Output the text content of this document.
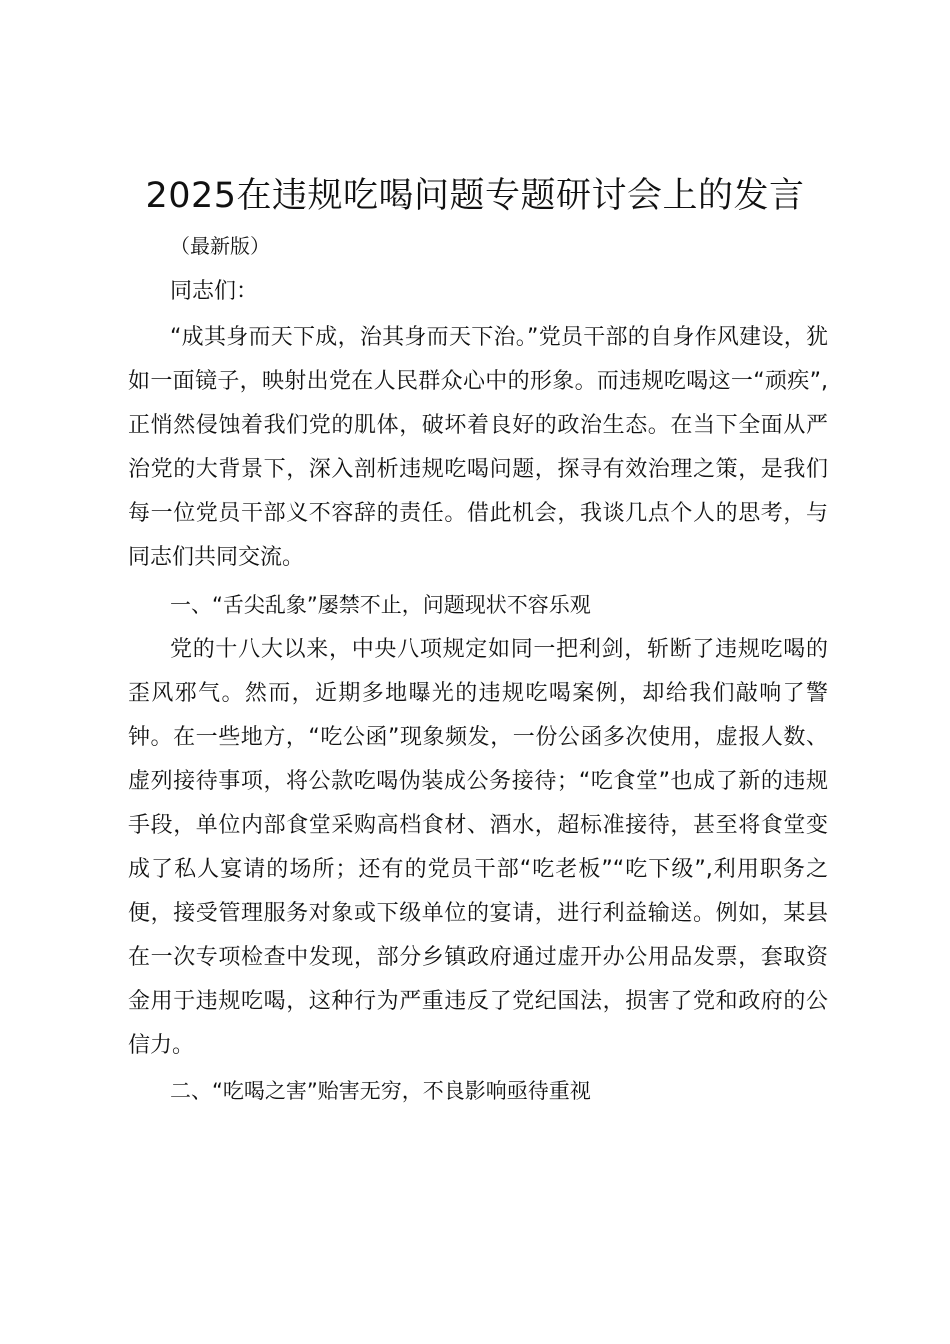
2025在违规吃喝问题专题研讨会上的发言

（最新版）

同志们：

“成其身而天下成，治其身而天下治。”党员干部的自身作风建设，犹如一面镜子，映射出党在人民群众心中的形象。而违规吃喝这一“顽疾”,正悄然侵蚀着我们党的肌体，破坏着良好的政治生态。在当下全面从严治党的大背景下，深入剖析违规吃喝问题，探寻有效治理之策，是我们每一位党员干部义不容辞的责任。借此机会，我谈几点个人的思考，与同志们共同交流。

一、“舌尖乱象”屡禁不止，问题现状不容乐观

党的十八大以来，中央八项规定如同一把利剑，斩断了违规吃喝的歪风邪气。然而，近期多地曝光的违规吃喝案例，却给我们敲响了警钟。在一些地方，“吃公函”现象频发，一份公函多次使用，虚报人数、虚列接待事项，将公款吃喝伪装成公务接待；“吃食堂”也成了新的违规手段，单位内部食堂采购高档食材、酒水，超标准接待，甚至将食堂变成了私人宴请的场所；还有的党员干部“吃老板”“吃下级”,利用职务之便，接受管理服务对象或下级单位的宴请，进行利益输送。例如，某县在一次专项检查中发现，部分乡镇政府通过虚开办公用品发票，套取资金用于违规吃喝，这种行为严重违反了党纪国法，损害了党和政府的公信力。

二、“吃喝之害”贻害无穷，不良影响亟待重视
